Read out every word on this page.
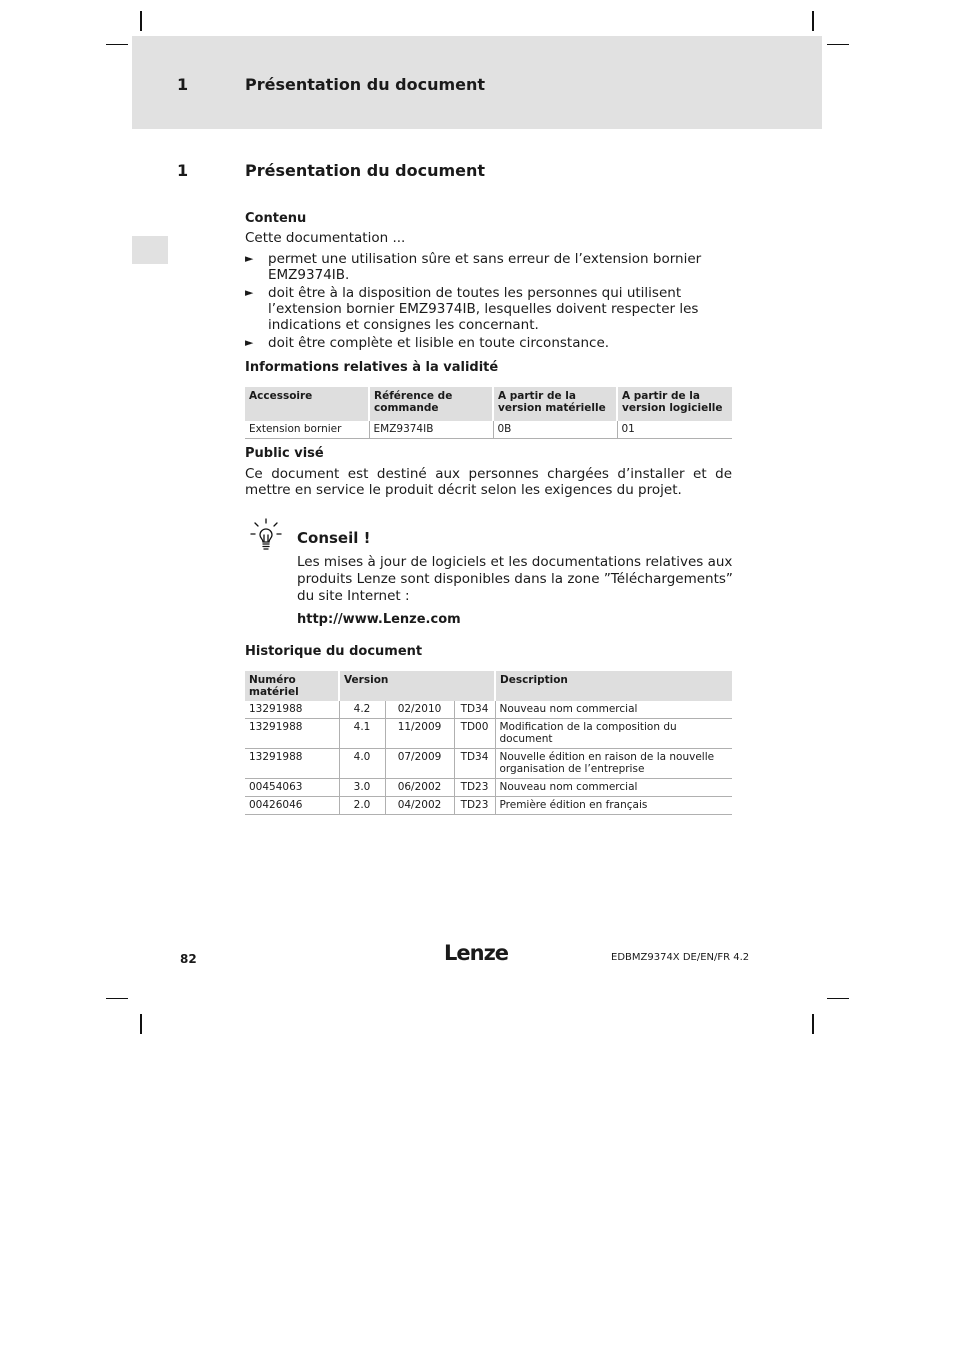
1	Présentation du document
1	Présentation du document
Contenu
Cette documentation ...
► permet une utilisation sûre et sans erreur de l’extension bornier EMZ9374IB.
► doit être à la disposition de toutes les personnes qui utilisent l’extension bornier EMZ9374IB, lesquelles doivent respecter les indications et consignes les concernant.
► doit être complète et lisible en toute circonstance.
Informations relatives à la validité
Accessoire	Référence de commande	A partir de la version matérielle	A partir de la version logicielle
Extension bornier	EMZ9374IB	0B	01
Public visé
Ce document est destiné aux personnes chargées d’installer et de mettre en service le produit décrit selon les exigences du projet.
Conseil !
Les mises à jour de logiciels et les documentations relatives aux produits Lenze sont disponibles dans la zone ”Téléchargements” du site Internet :
http://www.Lenze.com
Historique du document
Numéro matériel	Version			Description
13291988	4.2	02/2010	TD34	Nouveau nom commercial
13291988	4.1	11/2009	TD00	Modification de la composition du document
13291988	4.0	07/2009	TD34	Nouvelle édition en raison de la nouvelle organisation de l’entreprise
00454063	3.0	06/2002	TD23	Nouveau nom commercial
00426046	2.0	04/2002	TD23	Première édition en français
82	Lenze	EDBMZ9374X DE/EN/FR 4.2
